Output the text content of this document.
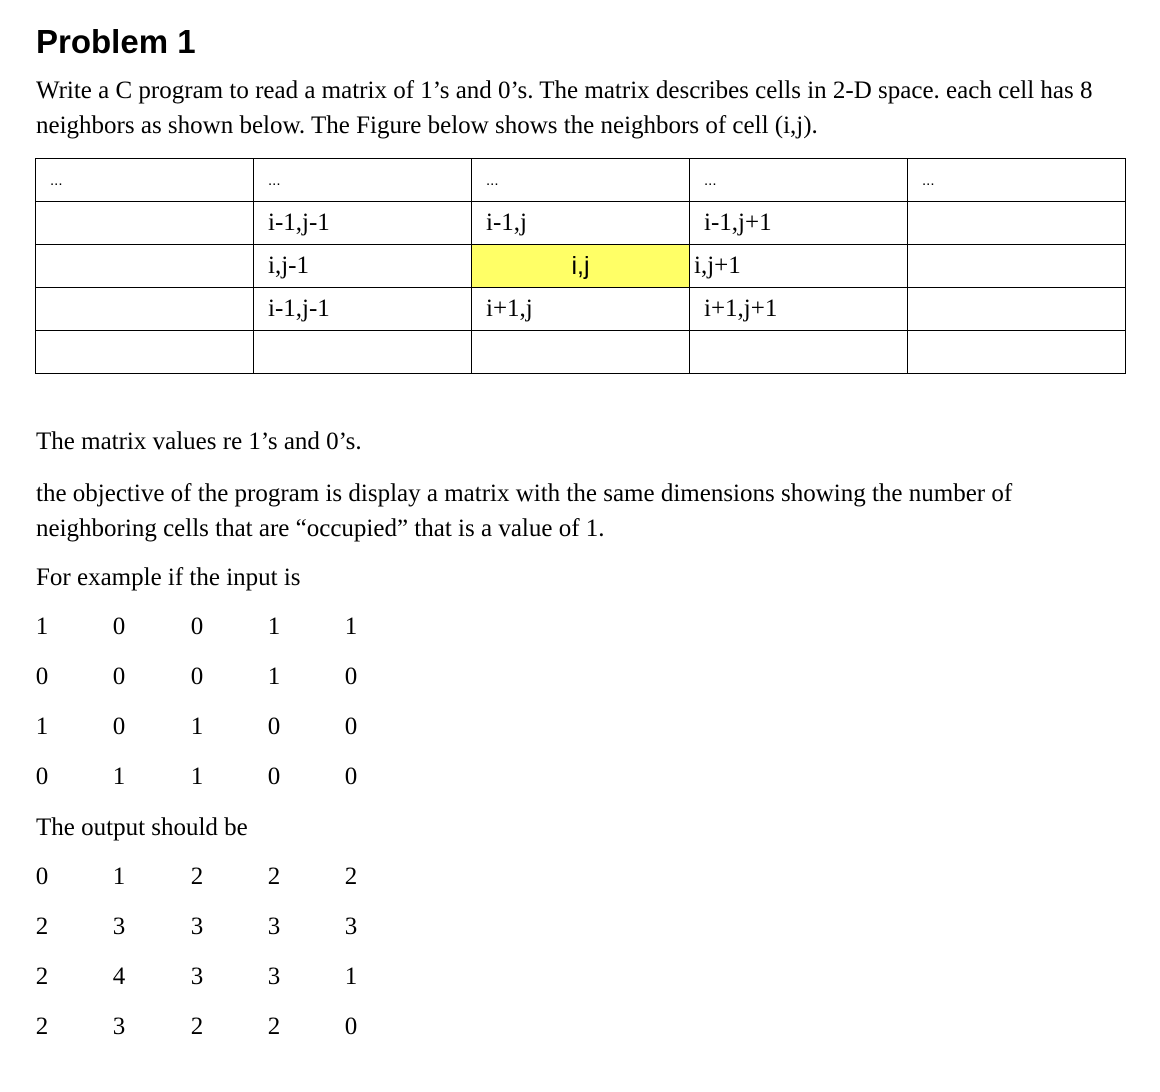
Problem 1

Write a C program to read a matrix of 1’s and 0’s. The matrix describes cells in 2-D space. each cell has 8 neighbors as shown below. The Figure below shows the neighbors of cell (i,j).

...	...	...	...	...
	i-1,j-1	i-1,j	i-1,j+1	
	i,j-1	i,j	i,j+1	
	i-1,j-1	i+1,j	i+1,j+1	

The matrix values re 1’s and 0’s.

the objective of the program is display a matrix with the same dimensions showing the number of neighboring cells that are “occupied” that is a value of 1.

For example if the input is

1	0	0	1	1
0	0	0	1	0
1	0	1	0	0
0	1	1	0	0

The output should be

0	1	2	2	2
2	3	3	3	3
2	4	3	3	1
2	3	2	2	0
